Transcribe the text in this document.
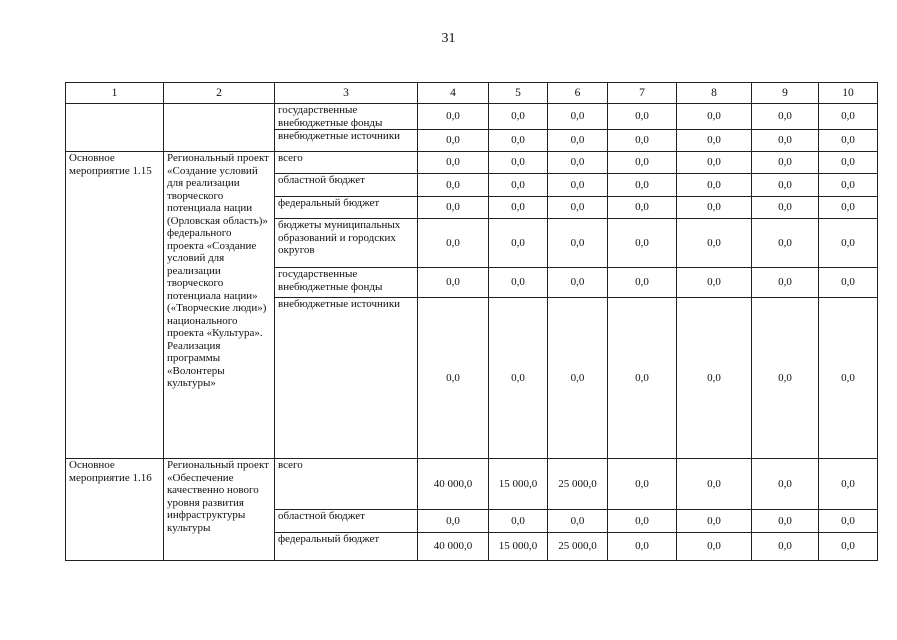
31
1	2	3	4	5	6	7	8	9	10
		государственные внебюджетные фонды	0,0	0,0	0,0	0,0	0,0	0,0	0,0
		внебюджетные источники	0,0	0,0	0,0	0,0	0,0	0,0	0,0
Основное мероприятие 1.15	Региональный проект «Создание условий для реализации творческого потенциала нации (Орловская область)» федерального проекта «Создание условий для реализации творческого потенциала нации» («Творческие люди») национального проекта «Культура». Реализация программы «Волонтеры культуры»	всего	0,0	0,0	0,0	0,0	0,0	0,0	0,0
		областной бюджет	0,0	0,0	0,0	0,0	0,0	0,0	0,0
		федеральный бюджет	0,0	0,0	0,0	0,0	0,0	0,0	0,0
		бюджеты муниципальных образований и городских округов	0,0	0,0	0,0	0,0	0,0	0,0	0,0
		государственные внебюджетные фонды	0,0	0,0	0,0	0,0	0,0	0,0	0,0
		внебюджетные источники	0,0	0,0	0,0	0,0	0,0	0,0	0,0
Основное мероприятие 1.16	Региональный проект «Обеспечение качественно нового уровня развития инфраструктуры культуры	всего	40 000,0	15 000,0	25 000,0	0,0	0,0	0,0	0,0
		областной бюджет	0,0	0,0	0,0	0,0	0,0	0,0	0,0
		федеральный бюджет	40 000,0	15 000,0	25 000,0	0,0	0,0	0,0	0,0
